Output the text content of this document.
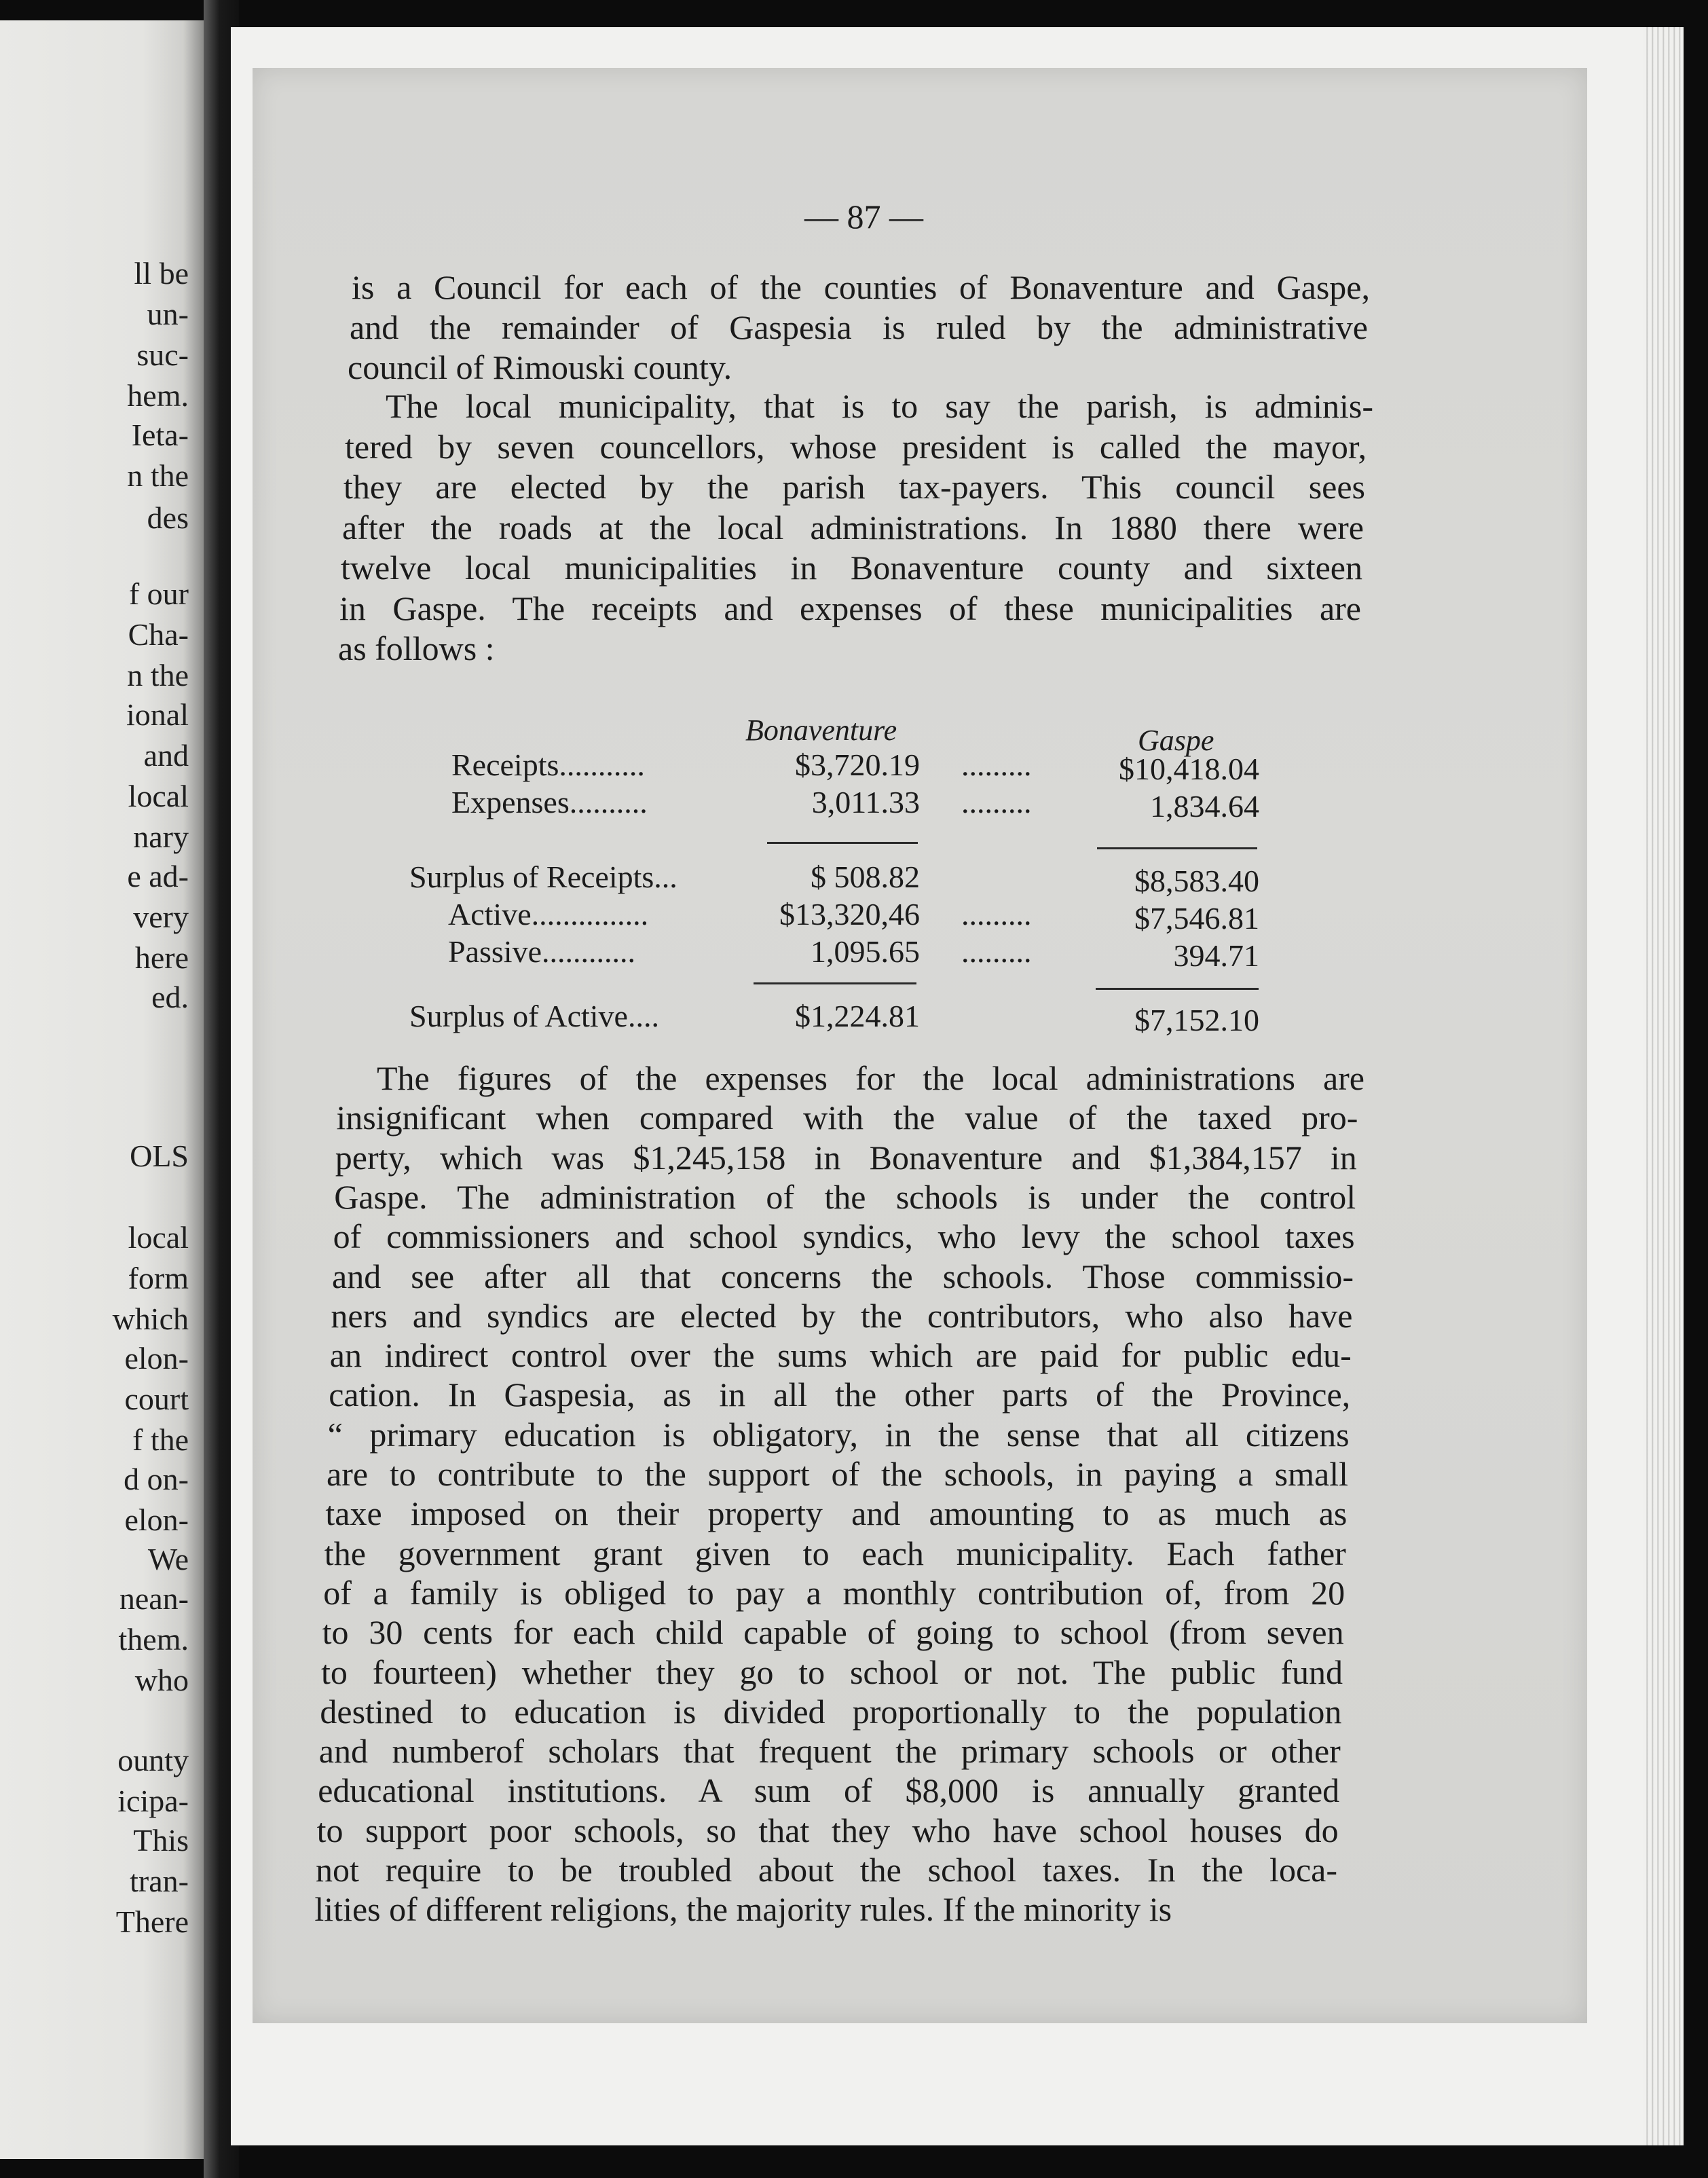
ll be
un-
suc-
hem.
Ieta-
n the
des
f our
Cha-
n the
ional
and
local
nary
e ad-
very
here
ed.
OLS
local
form
which
elon-
court
f the
d on-
elon-
We
nean-
them.
who
ounty
icipa-
This
tran-
There
— 87 —
is a Council for each of the counties of Bonaventure and Gaspe,
and the remainder of Gaspesia is ruled by the administrative
council of Rimouski county.
The local municipality, that is to say the parish, is adminis-
tered by seven councellors, whose president is called the mayor,
they are elected by the parish tax-payers. This council sees
after the roads at the local administrations. In 1880 there were
twelve local municipalities in Bonaventure county and sixteen
in Gaspe. The receipts and expenses of these municipalities are
as follows :
Bonaventure	Gaspe
Receipts...........	$3,720.19	$10,418.04
.........
Expenses..........	3,011.33	1,834.64
.........
Surplus of Receipts...	$ 508.82	$8,583.40
Active...............	$13,320,46	$7,546.81
.........
Passive............	1,095.65	394.71
.........
Surplus of Active....	$1,224.81	$7,152.10
The figures of the expenses for the local administrations are
insignificant when compared with the value of the taxed pro-
perty, which was $1,245,158 in Bonaventure and $1,384,157 in
Gaspe. The administration of the schools is under the control
of commissioners and school syndics, who levy the school taxes
and see after all that concerns the schools. Those commissio-
ners and syndics are elected by the contributors, who also have
an indirect control over the sums which are paid for public edu-
cation. In Gaspesia, as in all the other parts of the Province,
“ primary education is obligatory, in the sense that all citizens
are to contribute to the support of the schools, in paying a small
taxe imposed on their property and amounting to as much as
the government grant given to each municipality. Each father
of a family is obliged to pay a monthly contribution of, from 20
to 30 cents for each child capable of going to school (from seven
to fourteen) whether they go to school or not. The public fund
destined to education is divided proportionally to the population
and numberof scholars that frequent the primary schools or other
educational institutions. A sum of $8,000 is annually granted
to support poor schools, so that they who have school houses do
not require to be troubled about the school taxes. In the loca-
lities of different religions, the majority rules. If the minority is
